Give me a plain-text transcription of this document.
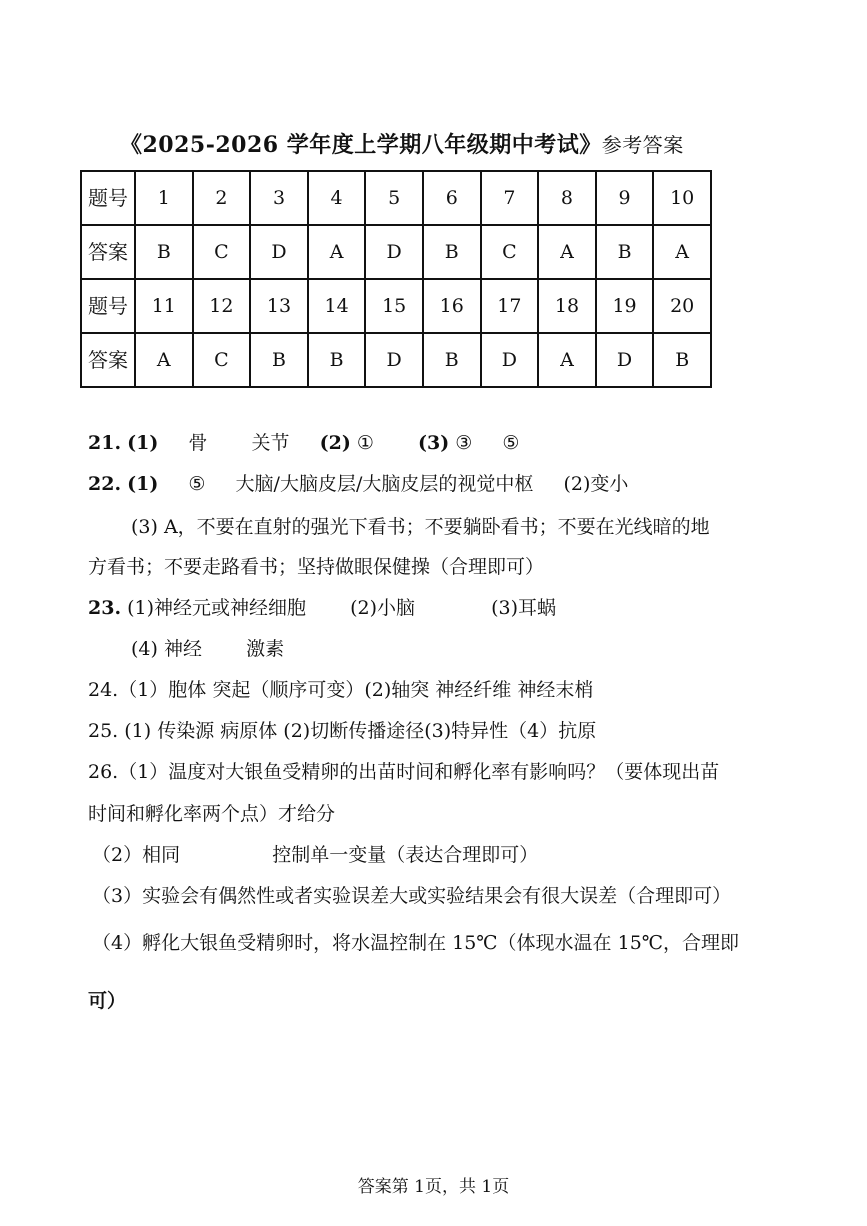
《2025-2026 学年度上学期八年级期中考试》参考答案
题号	1	2	3	4	5	6	7	8	9	10
答案	B	C	D	A	D	B	C	A	B	A
题号	11	12	13	14	15	16	17	18	19	20
答案	A	C	B	B	D	B	D	A	D	B
21. (1) 骨 关节 (2) ① (3) ③ ⑤
22. (1) ⑤ 大脑/大脑皮层/大脑皮层的视觉中枢 (2)变小
(3) A，不要在直射的强光下看书；不要躺卧看书；不要在光线暗的地
方看书；不要走路看书；坚持做眼保健操（合理即可）
23. (1)神经元或神经细胞 (2)小脑	(3)耳蜗
(4) 神经 激素
24.（1）胞体 突起（顺序可变）(2)轴突 神经纤维 神经末梢
25. (1) 传染源 病原体 (2)切断传播途径(3)特异性（4）抗原
26.（1）温度对大银鱼受精卵的出苗时间和孵化率有影响吗？（要体现出苗
时间和孵化率两个点）才给分
（2）相同	控制单一变量（表达合理即可）
（3）实验会有偶然性或者实验误差大或实验结果会有很大误差（合理即可）
（4）孵化大银鱼受精卵时，将水温控制在 15℃（体现水温在 15℃，合理即
可）
答案第 1页，共 1页
